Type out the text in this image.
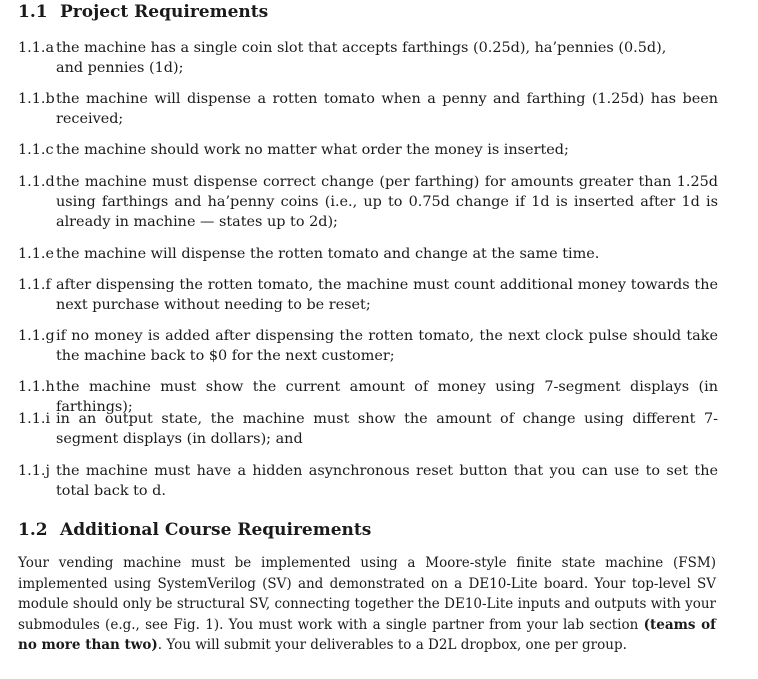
1.1 Project Requirements
1.1.a the machine has a single coin slot that accepts farthings (0.25d), ha’pennies (0.5d),
and pennies (1d);
1.1.b the machine will dispense a rotten tomato when a penny and farthing (1.25d) has been received;
1.1.c the machine should work no matter what order the money is inserted;
1.1.d the machine must dispense correct change (per farthing) for amounts greater than 1.25d using farthings and ha’penny coins (i.e., up to 0.75d change if 1d is inserted after 1d is already in machine — states up to 2d);
1.1.e the machine will dispense the rotten tomato and change at the same time.
1.1.f after dispensing the rotten tomato, the machine must count additional money towards the next purchase without needing to be reset;
1.1.g if no money is added after dispensing the rotten tomato, the next clock pulse should take the machine back to $0 for the next customer;
1.1.h the machine must show the current amount of money using 7-segment displays (in farthings);
1.1.i in an output state, the machine must show the amount of change using different 7-segment displays (in dollars); and
1.1.j the machine must have a hidden asynchronous reset button that you can use to set the total back to d.
1.2 Additional Course Requirements
Your vending machine must be implemented using a Moore-style finite state machine (FSM) implemented using SystemVerilog (SV) and demonstrated on a DE10-Lite board. Your top-level SV module should only be structural SV, connecting together the DE10-Lite inputs and outputs with your submodules (e.g., see Fig. 1). You must work with a single partner from your lab section (teams of no more than two). You will submit your deliverables to a D2L dropbox, one per group.
